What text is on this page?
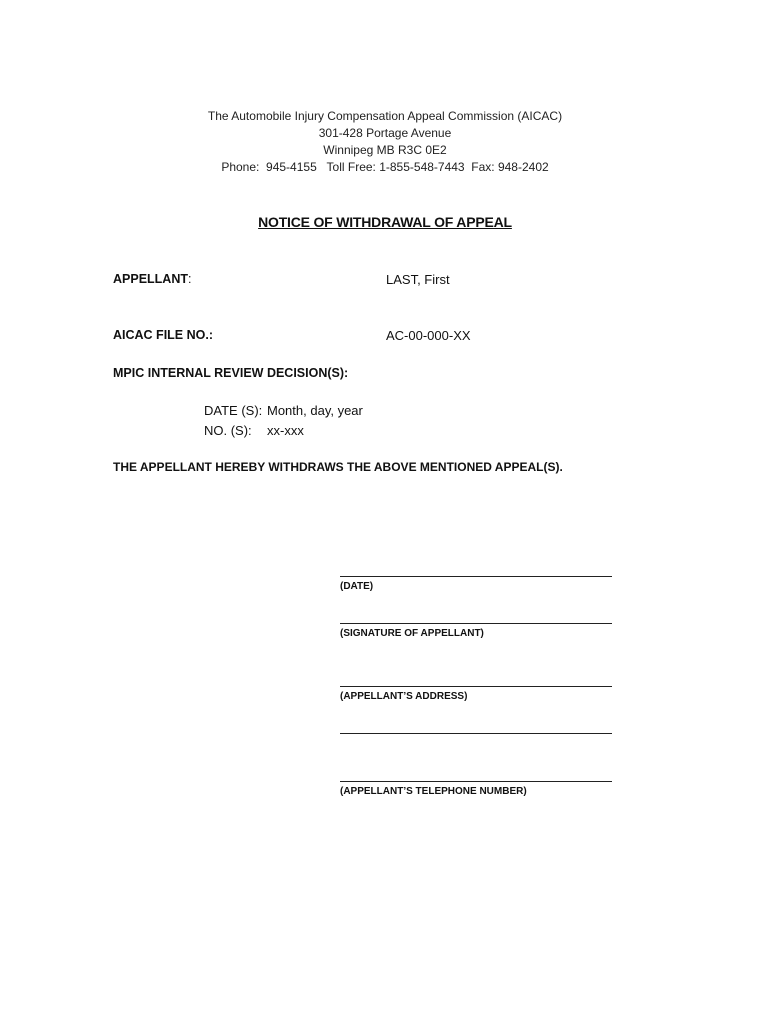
The Automobile Injury Compensation Appeal Commission (AICAC)
301-428 Portage Avenue
Winnipeg MB R3C 0E2
Phone:  945-4155   Toll Free: 1-855-548-7443  Fax: 948-2402
NOTICE OF WITHDRAWAL OF APPEAL
APPELLANT:	LAST, First
AICAC FILE NO.:	AC-00-000-XX
MPIC INTERNAL REVIEW DECISION(S):
DATE (S): Month, day, year
NO. (S): xx-xxx
THE APPELLANT HEREBY WITHDRAWS THE ABOVE MENTIONED APPEAL(S).
(DATE)
(SIGNATURE OF APPELLANT)
(APPELLANT’S ADDRESS)
(APPELLANT’S TELEPHONE NUMBER)
